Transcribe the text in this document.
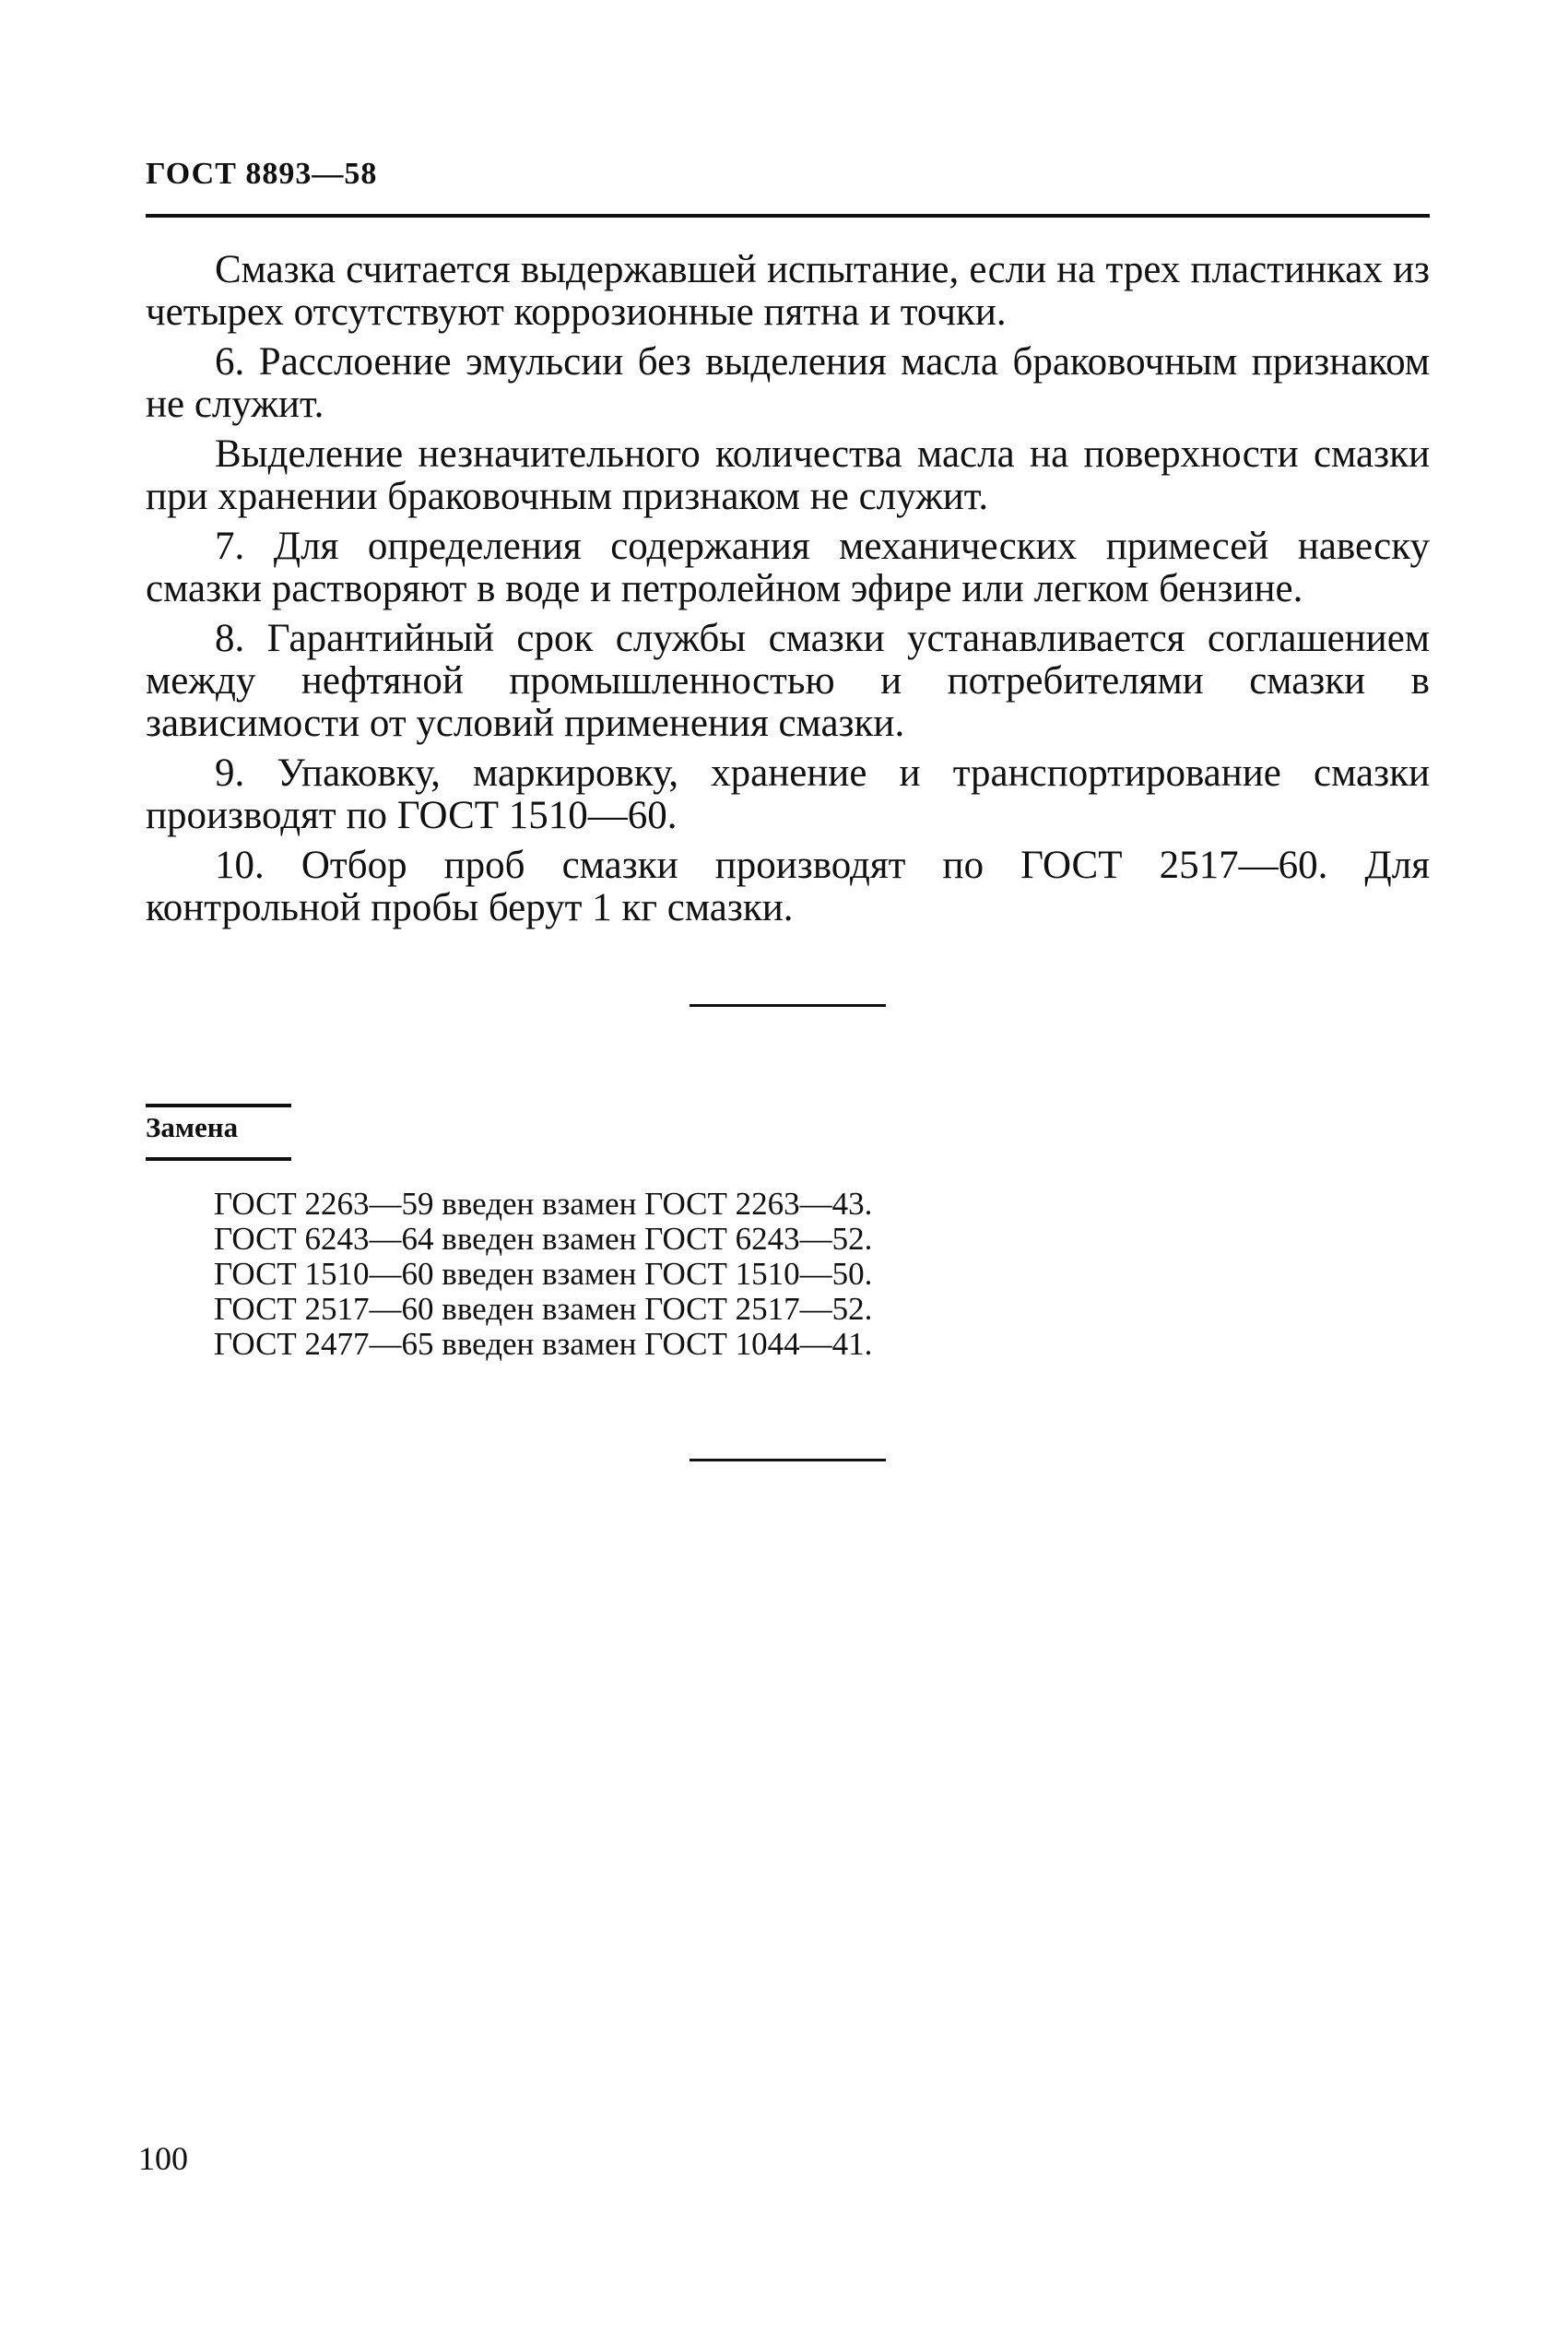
ГОСТ 8893—58

Смазка считается выдержавшей испытание, если на трех пластинках из четырех отсутствуют коррозионные пятна и точки.

6. Расслоение эмульсии без выделения масла браковочным признаком не служит.

Выделение незначительного количества масла на поверхности смазки при хранении браковочным признаком не служит.

7. Для определения содержания механических примесей навеску смазки растворяют в воде и петролейном эфире или легком бензине.

8. Гарантийный срок службы смазки устанавливается соглашением между нефтяной промышленностью и потребителями смазки в зависимости от условий применения смазки.

9. Упаковку, маркировку, хранение и транспортирование смазки производят по ГОСТ 1510—60.

10. Отбор проб смазки производят по ГОСТ 2517—60. Для контрольной пробы берут 1 кг смазки.

Замена
ГОСТ 2263—59 введен взамен ГОСТ 2263—43.
ГОСТ 6243—64 введен взамен ГОСТ 6243—52.
ГОСТ 1510—60 введен взамен ГОСТ 1510—50.
ГОСТ 2517—60 введен взамен ГОСТ 2517—52.
ГОСТ 2477—65 введен взамен ГОСТ 1044—41.
100
